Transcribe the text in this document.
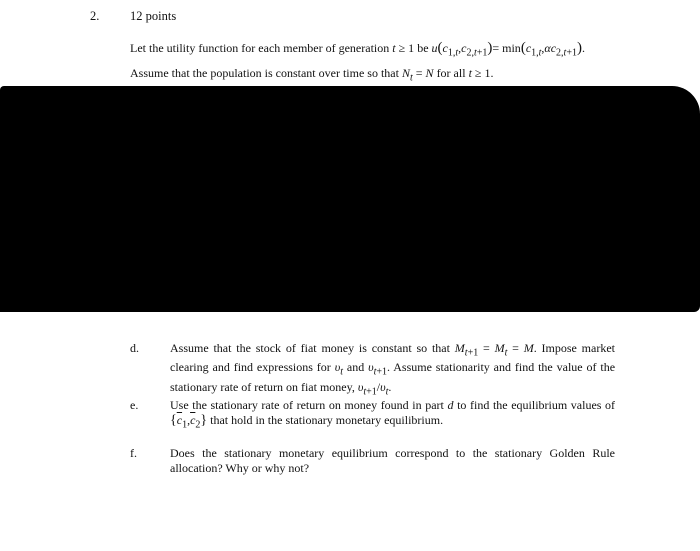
2. 12 points
Let the utility function for each member of generation t ≥ 1 be $u(c_{1,t},c_{2,t+1})= \min(c_{1,t},\alpha c_{2,t+1})$.
Assume that the population is constant over time so that $N_t = N$ for all t ≥ 1.
d.	Assume that the stock of fiat money is constant so that $M_{t+1} = M_t = M$. Impose market clearing and find expressions for $\upsilon_t$ and $\upsilon_{t+1}$. Assume stationarity and find the value of the stationary rate of return on fiat money, $\upsilon_{t+1}/\upsilon_t$.
e.	Use the stationary rate of return on money found in part d to find the equilibrium values of $\{\overline{c}_1,\overline{c}_2\}$ that hold in the stationary monetary equilibrium.
f.	Does the stationary monetary equilibrium correspond to the stationary Golden Rule allocation? Why or why not?
